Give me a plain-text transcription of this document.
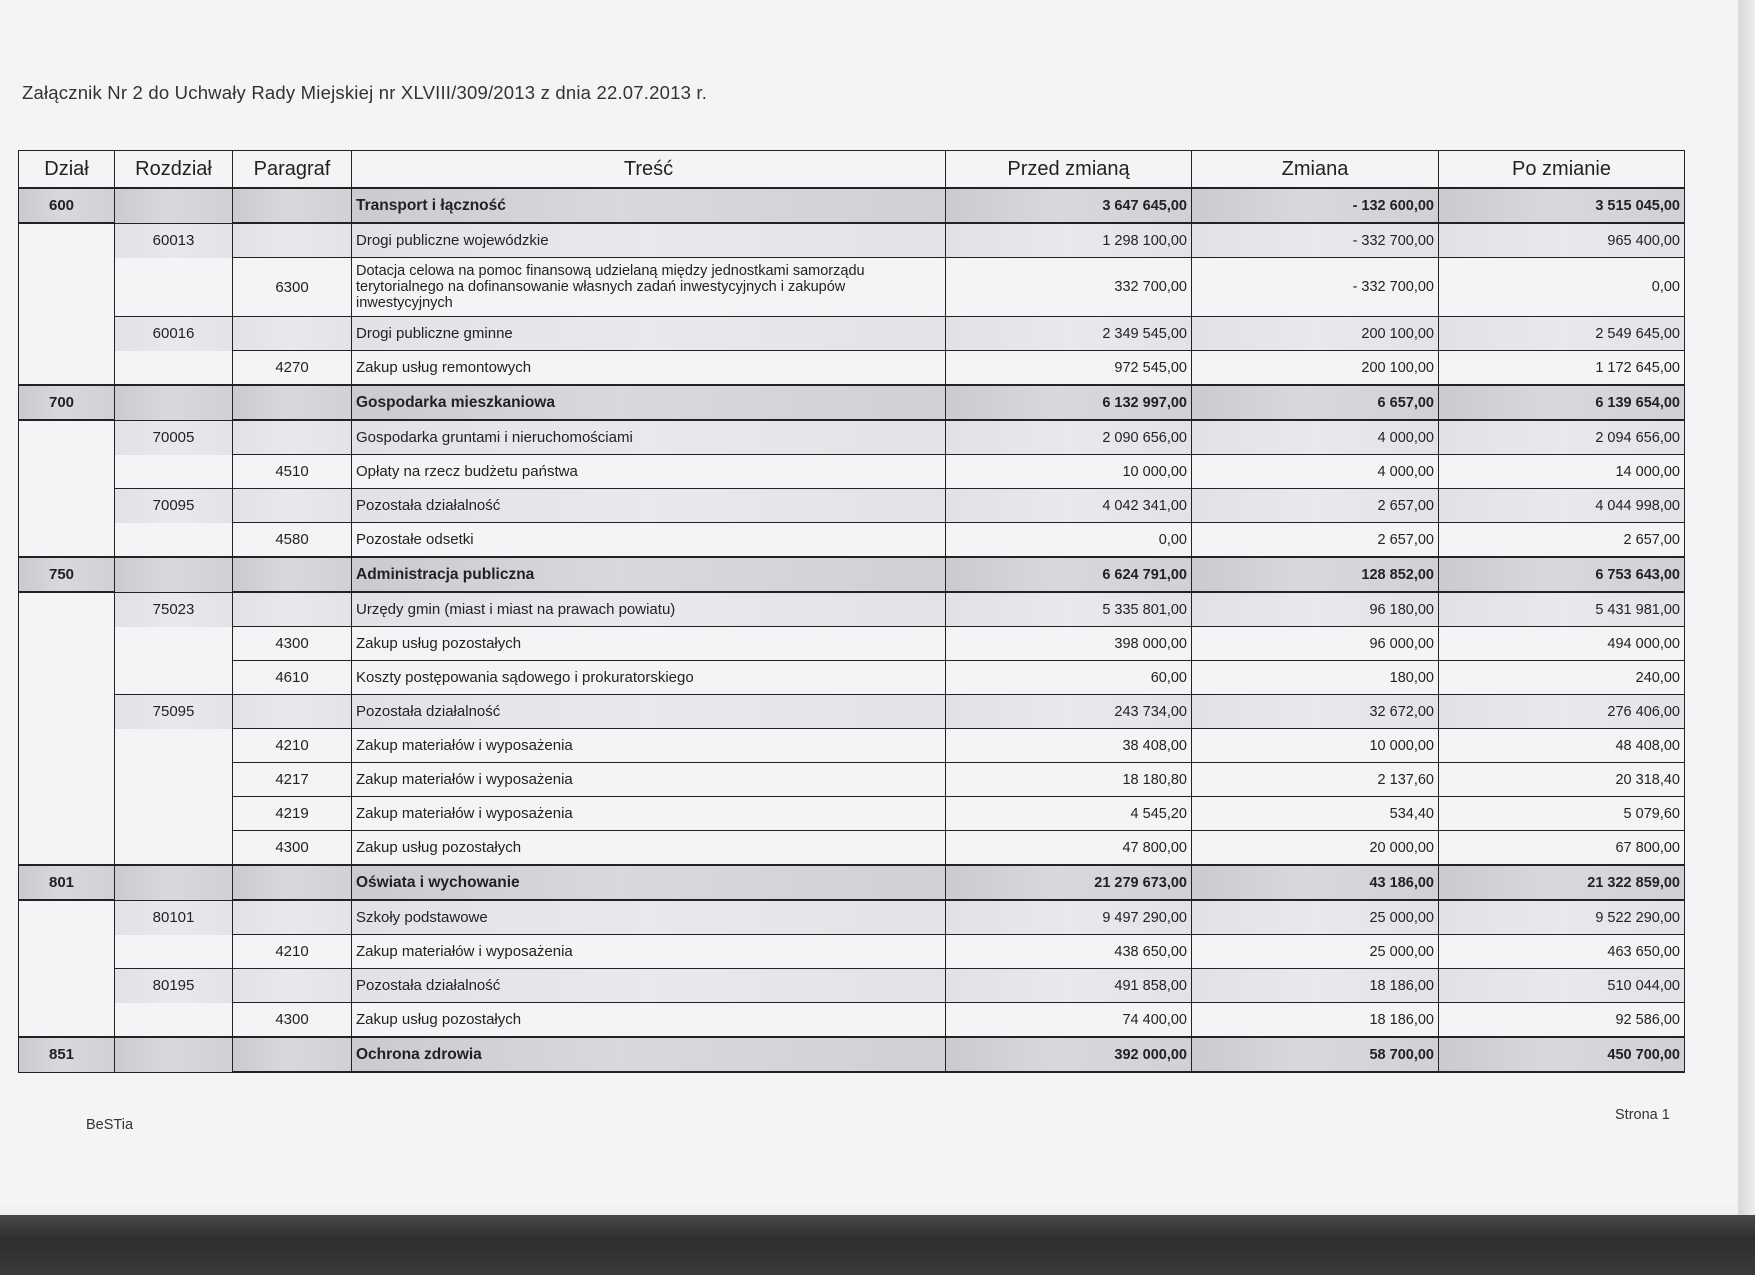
Załącznik Nr 2 do Uchwały Rady Miejskiej nr XLVIII/309/2013 z dnia 22.07.2013 r.
Dział	Rozdział	Paragraf	Treść	Przed zmianą	Zmiana	Po zmianie
600			Transport i łączność	3 647 645,00	- 132 600,00	3 515 045,00
	60013		Drogi publiczne wojewódzkie	1 298 100,00	- 332 700,00	965 400,00
		6300	Dotacja celowa na pomoc finansową udzielaną między jednostkami samorządu terytorialnego na dofinansowanie własnych zadań inwestycyjnych i zakupów inwestycyjnych	332 700,00	- 332 700,00	0,00
	60016		Drogi publiczne gminne	2 349 545,00	200 100,00	2 549 645,00
		4270	Zakup usług remontowych	972 545,00	200 100,00	1 172 645,00
700			Gospodarka mieszkaniowa	6 132 997,00	6 657,00	6 139 654,00
	70005		Gospodarka gruntami i nieruchomościami	2 090 656,00	4 000,00	2 094 656,00
		4510	Opłaty na rzecz budżetu państwa	10 000,00	4 000,00	14 000,00
	70095		Pozostała działalność	4 042 341,00	2 657,00	4 044 998,00
		4580	Pozostałe odsetki	0,00	2 657,00	2 657,00
750			Administracja publiczna	6 624 791,00	128 852,00	6 753 643,00
	75023		Urzędy gmin (miast i miast na prawach powiatu)	5 335 801,00	96 180,00	5 431 981,00
		4300	Zakup usług pozostałych	398 000,00	96 000,00	494 000,00
		4610	Koszty postępowania sądowego i prokuratorskiego	60,00	180,00	240,00
	75095		Pozostała działalność	243 734,00	32 672,00	276 406,00
		4210	Zakup materiałów i wyposażenia	38 408,00	10 000,00	48 408,00
		4217	Zakup materiałów i wyposażenia	18 180,80	2 137,60	20 318,40
		4219	Zakup materiałów i wyposażenia	4 545,20	534,40	5 079,60
		4300	Zakup usług pozostałych	47 800,00	20 000,00	67 800,00
801			Oświata i wychowanie	21 279 673,00	43 186,00	21 322 859,00
	80101		Szkoły podstawowe	9 497 290,00	25 000,00	9 522 290,00
		4210	Zakup materiałów i wyposażenia	438 650,00	25 000,00	463 650,00
	80195		Pozostała działalność	491 858,00	18 186,00	510 044,00
		4300	Zakup usług pozostałych	74 400,00	18 186,00	92 586,00
851			Ochrona zdrowia	392 000,00	58 700,00	450 700,00
BeSTia
Strona 1
